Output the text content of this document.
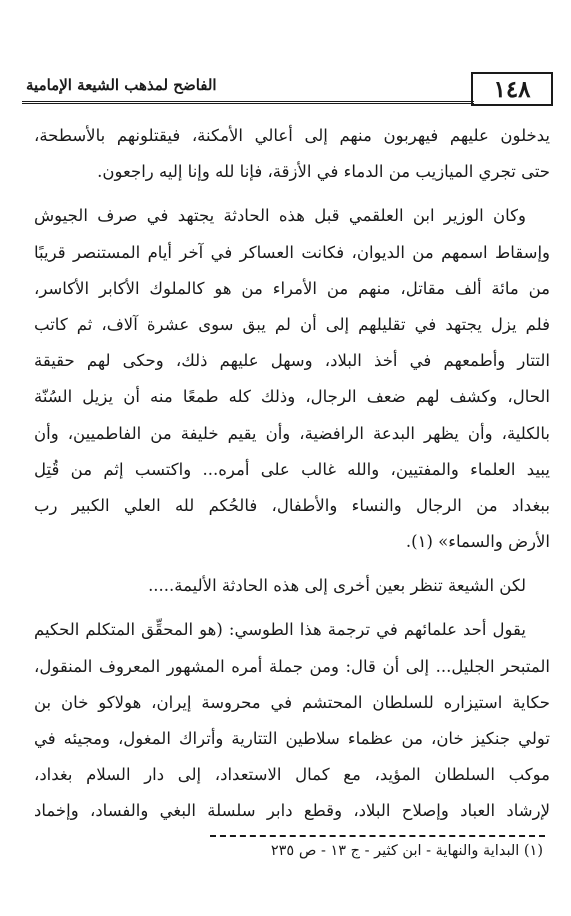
الفاضح لمذهب الشيعة الإمامية	١٤٨
يدخلون عليهم فيهربون منهم إلى أعالي الأمكنة، فيقتلونهم بالأسطحة،
حتى تجري الميازيب من الدماء في الأزقة، فإنا لله وإنا إليه راجعون.
وكان الوزير ابن العلقمي قبل هذه الحادثة يجتهد في صرف الجيوش
وإسقاط اسمهم من الديوان، فكانت العساكر في آخر أيام المستنصر قريبًا
من مائة ألف مقاتل، منهم من الأمراء من هو كالملوك الأكابر الأكاسر،
فلم يزل يجتهد في تقليلهم إلى أن لم يبق سوى عشرة آلاف، ثم كاتب
التتار وأطمعهم في أخذ البلاد، وسهل عليهم ذلك، وحكى لهم حقيقة
الحال، وكشف لهم ضعف الرجال، وذلك كله طمعًا منه أن يزيل السُنّة
بالكلية، وأن يظهر البدعة الرافضية، وأن يقيم خليفة من الفاطميين، وأن
يبيد العلماء والمفتيين، والله غالب على أمره... واكتسب إثم من قُتِل
ببغداد من الرجال والنساء والأطفال، فالحُكم لله العلي الكبير رب
الأرض والسماء» (١).
لكن الشيعة تنظر بعين أخرى إلى هذه الحادثة الأليمة.....
يقول أحد علمائهم في ترجمة هذا الطوسي: (هو المحقِّق المتكلم الحكيم
المتبحر الجليل... إلى أن قال: ومن جملة أمره المشهور المعروف المنقول،
حكاية استيزاره للسلطان المحتشم في محروسة إيران، هولاكو خان بن
تولي جنكيز خان، من عظماء سلاطين التتارية وأتراك المغول، ومجيئه في
موكب السلطان المؤيد، مع كمال الاستعداد، إلى دار السلام بغداد،
لإرشاد العباد وإصلاح البلاد، وقطع دابر سلسلة البغي والفساد، وإخماد
(١) البداية والنهاية - ابن كثير - ج ١٣ - ص ٢٣٥
